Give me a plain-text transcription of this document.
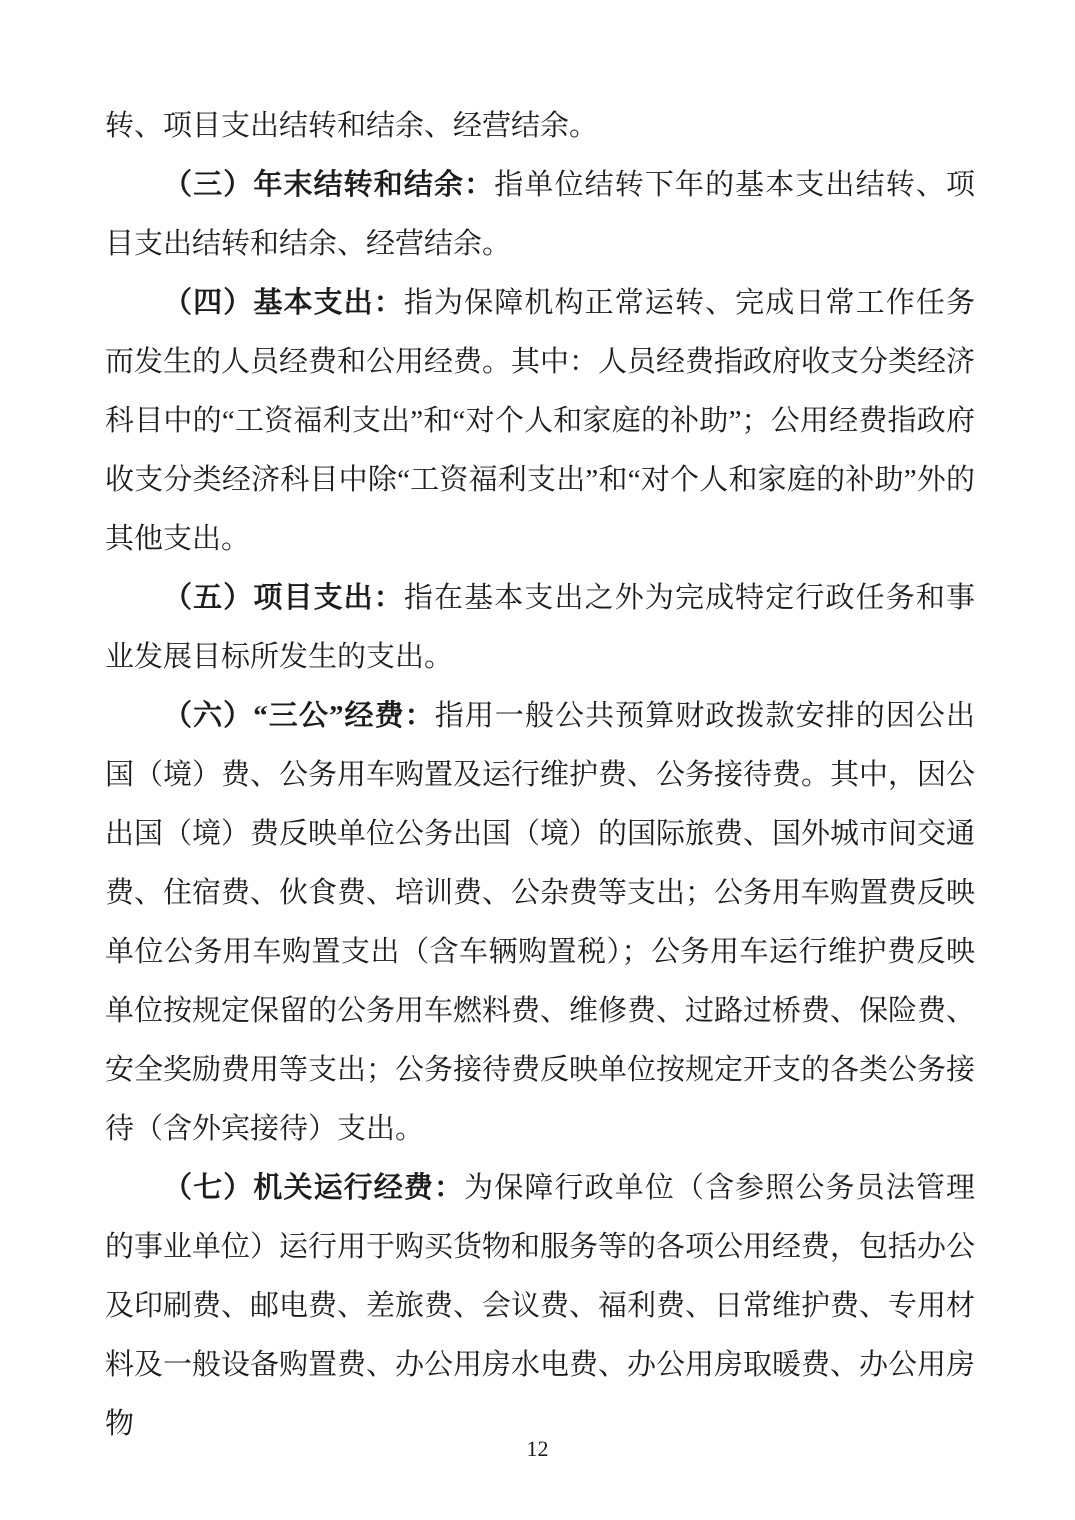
转、项目支出结转和结余、经营结余。

（三）年末结转和结余：指单位结转下年的基本支出结转、项目支出结转和结余、经营结余。

（四）基本支出：指为保障机构正常运转、完成日常工作任务而发生的人员经费和公用经费。其中：人员经费指政府收支分类经济科目中的“工资福利支出”和“对个人和家庭的补助”；公用经费指政府收支分类经济科目中除“工资福利支出”和“对个人和家庭的补助”外的其他支出。

（五）项目支出：指在基本支出之外为完成特定行政任务和事业发展目标所发生的支出。

（六）“三公”经费：指用一般公共预算财政拨款安排的因公出国（境）费、公务用车购置及运行维护费、公务接待费。其中，因公出国（境）费反映单位公务出国（境）的国际旅费、国外城市间交通费、住宿费、伙食费、培训费、公杂费等支出；公务用车购置费反映单位公务用车购置支出（含车辆购置税）；公务用车运行维护费反映单位按规定保留的公务用车燃料费、维修费、过路过桥费、保险费、安全奖励费用等支出；公务接待费反映单位按规定开支的各类公务接待（含外宾接待）支出。

（七）机关运行经费：为保障行政单位（含参照公务员法管理的事业单位）运行用于购买货物和服务等的各项公用经费，包括办公及印刷费、邮电费、差旅费、会议费、福利费、日常维护费、专用材料及一般设备购置费、办公用房水电费、办公用房取暖费、办公用房物

12
